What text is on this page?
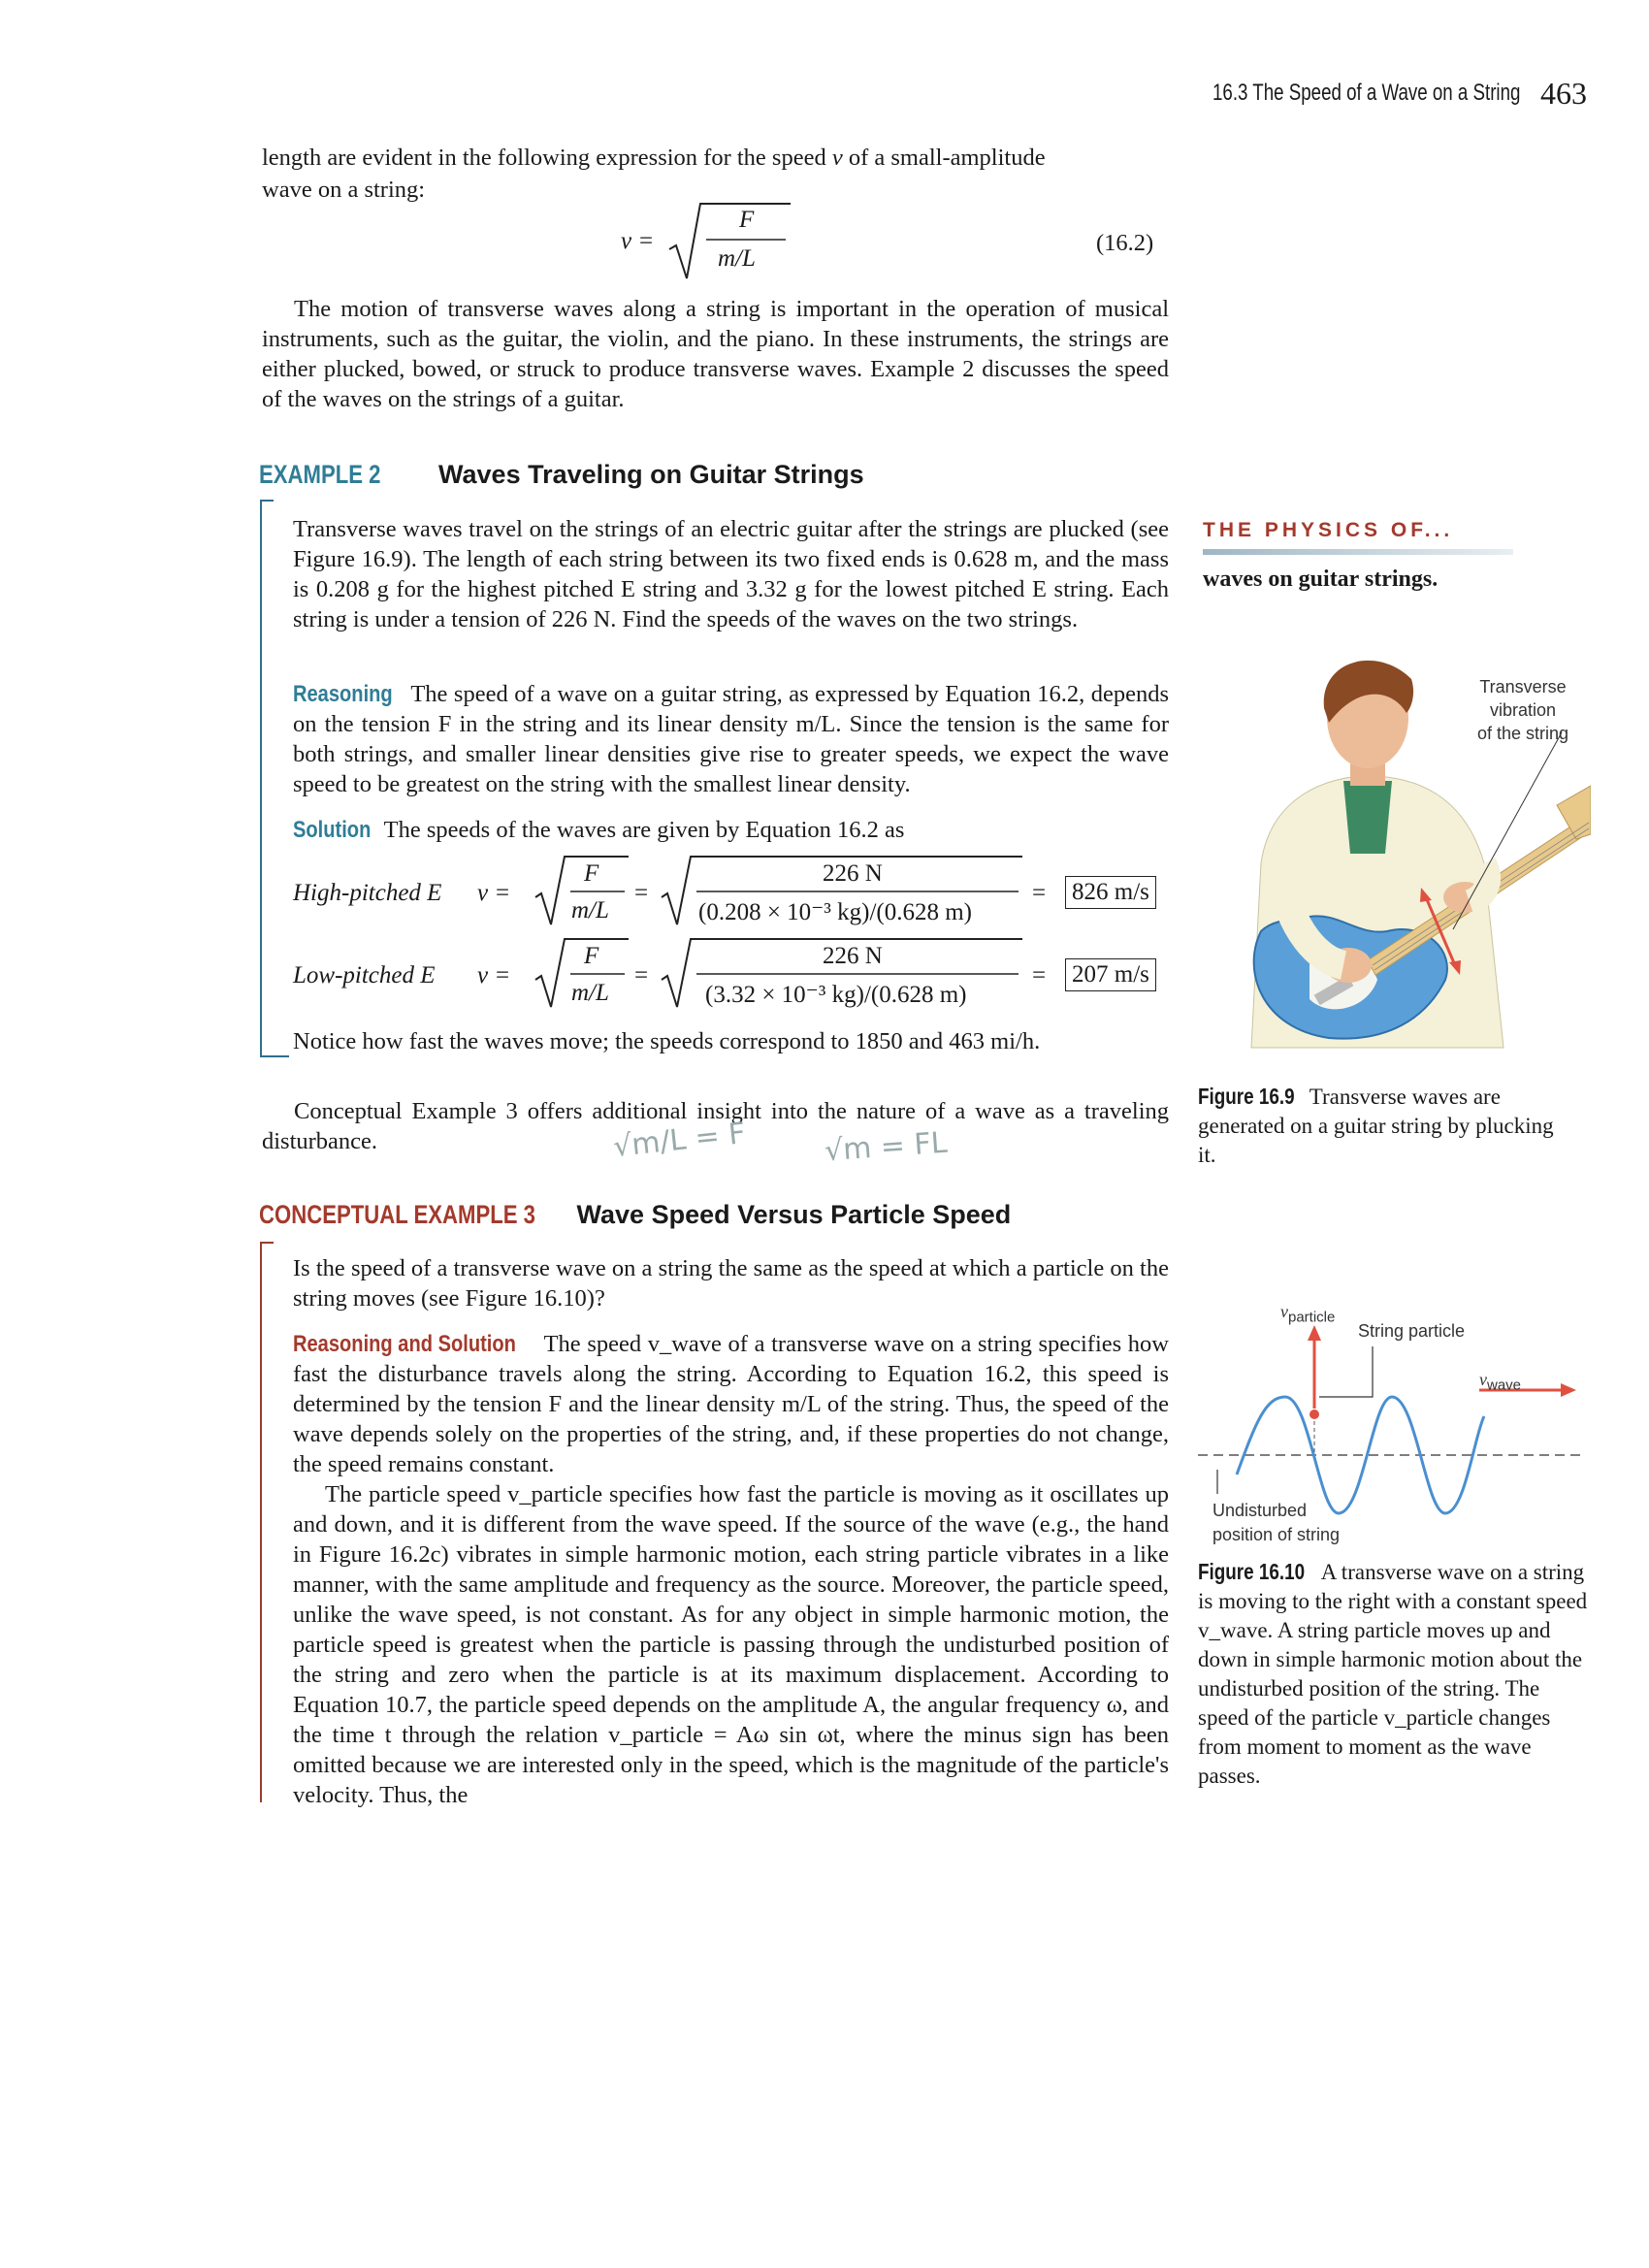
16.3 The Speed of a Wave on a String 463
length are evident in the following expression for the speed v of a small-amplitude
wave on a string:
v =
F
m/L
(16.2)
The motion of transverse waves along a string is important in the operation of musical instruments, such as the guitar, the violin, and the piano. In these instruments, the strings are either plucked, bowed, or struck to produce transverse waves. Example 2 discusses the speed of the waves on the strings of a guitar.
EXAMPLE 2 Waves Traveling on Guitar Strings
Transverse waves travel on the strings of an electric guitar after the strings are plucked (see Figure 16.9). The length of each string between its two fixed ends is 0.628 m, and the mass is 0.208 g for the highest pitched E string and 3.32 g for the lowest pitched E string. Each string is under a tension of 226 N. Find the speeds of the waves on the two strings.
Reasoning The speed of a wave on a guitar string, as expressed by Equation 16.2, depends on the tension F in the string and its linear density m/L. Since the tension is the same for both strings, and smaller linear densities give rise to greater speeds, we expect the wave speed to be greatest on the string with the smallest linear density.
Solution The speeds of the waves are given by Equation 16.2 as
High-pitched E v =
F
m/L
=
226 N
(0.208 × 10⁻³ kg)/(0.628 m)
= 826 m/s
Low-pitched E v =
F
m/L
=
226 N
(3.32 × 10⁻³ kg)/(0.628 m)
= 207 m/s
Notice how fast the waves move; the speeds correspond to 1850 and 463 mi/h.
Conceptual Example 3 offers additional insight into the nature of a wave as a traveling disturbance.	√m/L = F	√m = FL
CONCEPTUAL EXAMPLE 3 Wave Speed Versus Particle Speed
Is the speed of a transverse wave on a string the same as the speed at which a particle on the string moves (see Figure 16.10)?
Reasoning and Solution The speed v_wave of a transverse wave on a string specifies how fast the disturbance travels along the string. According to Equation 16.2, this speed is determined by the tension F and the linear density m/L of the string. Thus, the speed of the wave depends solely on the properties of the string, and, if these properties do not change, the speed remains constant.
The particle speed v_particle specifies how fast the particle is moving as it oscillates up and down, and it is different from the wave speed. If the source of the wave (e.g., the hand in Figure 16.2c) vibrates in simple harmonic motion, each string particle vibrates in a like manner, with the same amplitude and frequency as the source. Moreover, the particle speed, unlike the wave speed, is not constant. As for any object in simple harmonic motion, the particle speed is greatest when the particle is passing through the undisturbed position of the string and zero when the particle is at its maximum displacement. According to Equation 10.7, the particle speed depends on the amplitude A, the angular frequency ω, and the time t through the relation v_particle = Aω sin ωt, where the minus sign has been omitted because we are interested only in the speed, which is the magnitude of the particle's velocity. Thus, the
THE PHYSICS OF...
waves on guitar strings.
Transverse
vibration
of the string
Figure 16.9 Transverse waves are generated on a guitar string by plucking it.
$v_{particle}$
String particle
$v_{wave}$
Undisturbed
position of string
Figure 16.10 A transverse wave on a string is moving to the right with a constant speed v_wave. A string particle moves up and down in simple harmonic motion about the undisturbed position of the string. The speed of the particle v_particle changes from moment to moment as the wave passes.
